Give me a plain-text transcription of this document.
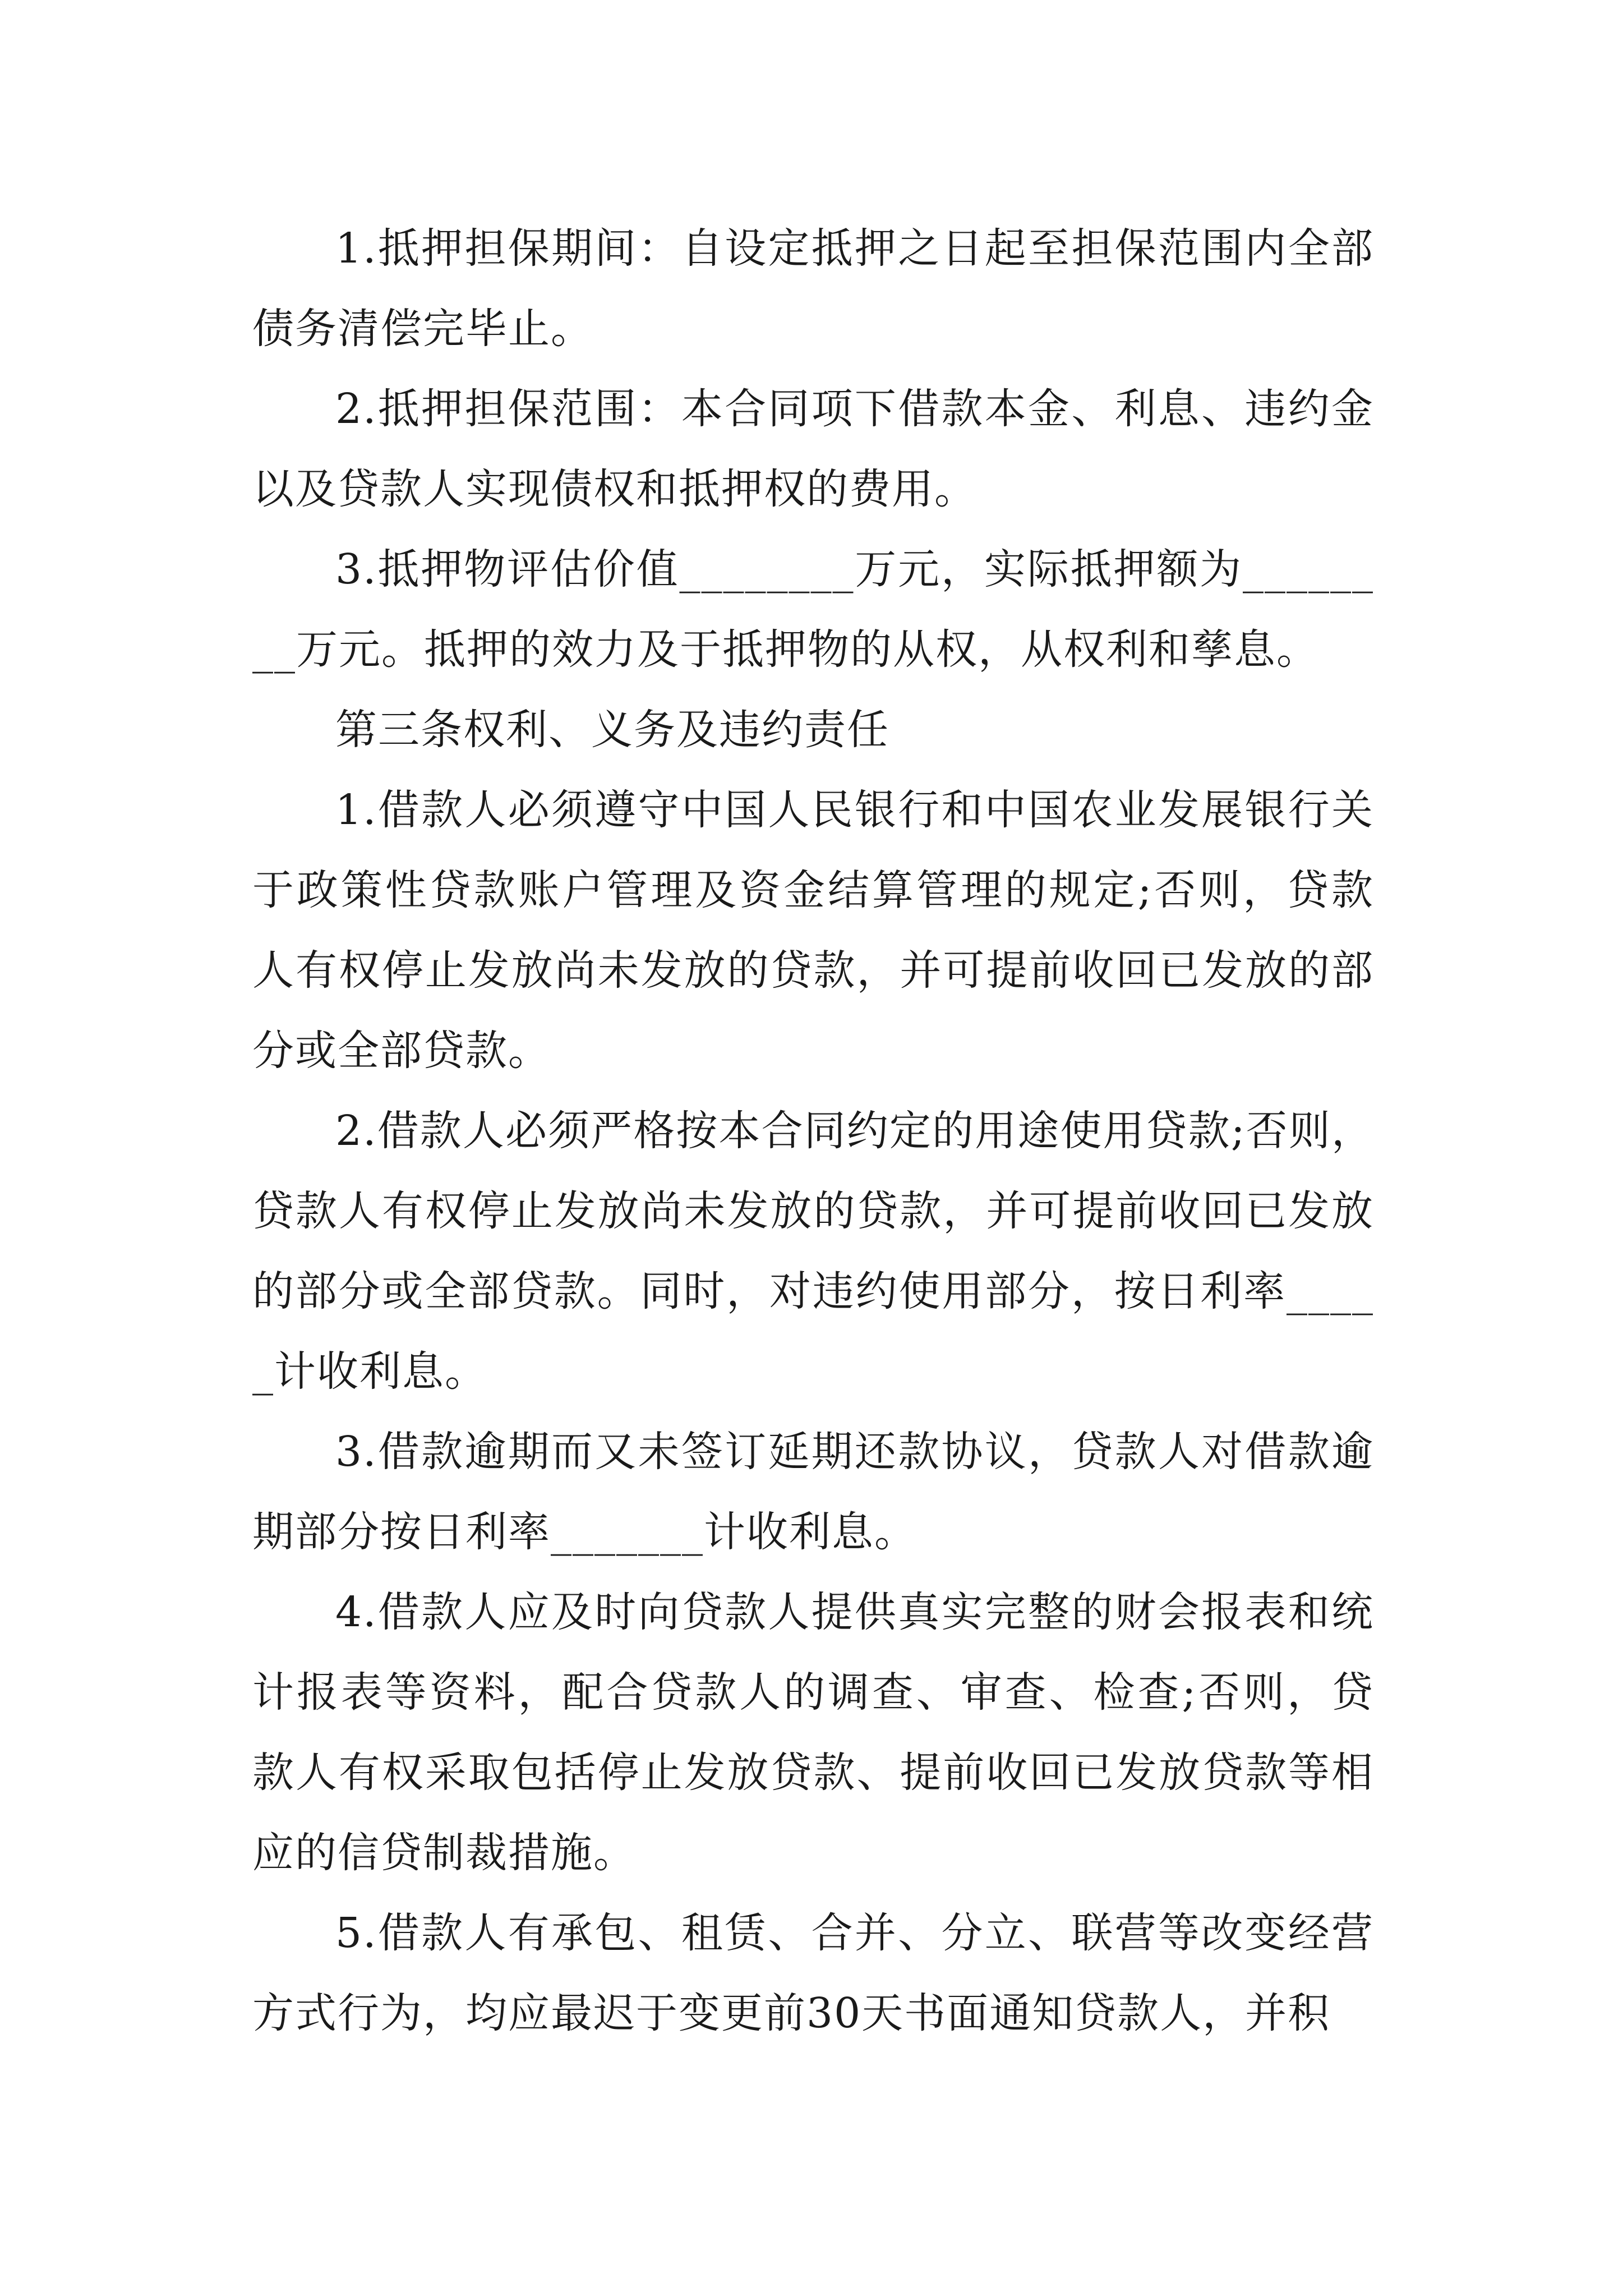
1.抵押担保期间：自设定抵押之日起至担保范围内全部债务清偿完毕止。

2.抵押担保范围：本合同项下借款本金、利息、违约金以及贷款人实现债权和抵押权的费用。

3.抵押物评估价值________万元，实际抵押额为________万元。抵押的效力及于抵押物的从权，从权利和孳息。

第三条权利、义务及违约责任

1.借款人必须遵守中国人民银行和中国农业发展银行关于政策性贷款账户管理及资金结算管理的规定;否则，贷款人有权停止发放尚未发放的贷款，并可提前收回已发放的部分或全部贷款。

2.借款人必须严格按本合同约定的用途使用贷款;否则，贷款人有权停止发放尚未发放的贷款，并可提前收回已发放的部分或全部贷款。同时，对违约使用部分，按日利率_____计收利息。

3.借款逾期而又未签订延期还款协议，贷款人对借款逾期部分按日利率_______计收利息。

4.借款人应及时向贷款人提供真实完整的财会报表和统计报表等资料，配合贷款人的调查、审查、检查;否则，贷款人有权采取包括停止发放贷款、提前收回已发放贷款等相应的信贷制裁措施。

5.借款人有承包、租赁、合并、分立、联营等改变经营方式行为，均应最迟于变更前30天书面通知贷款人，并积
